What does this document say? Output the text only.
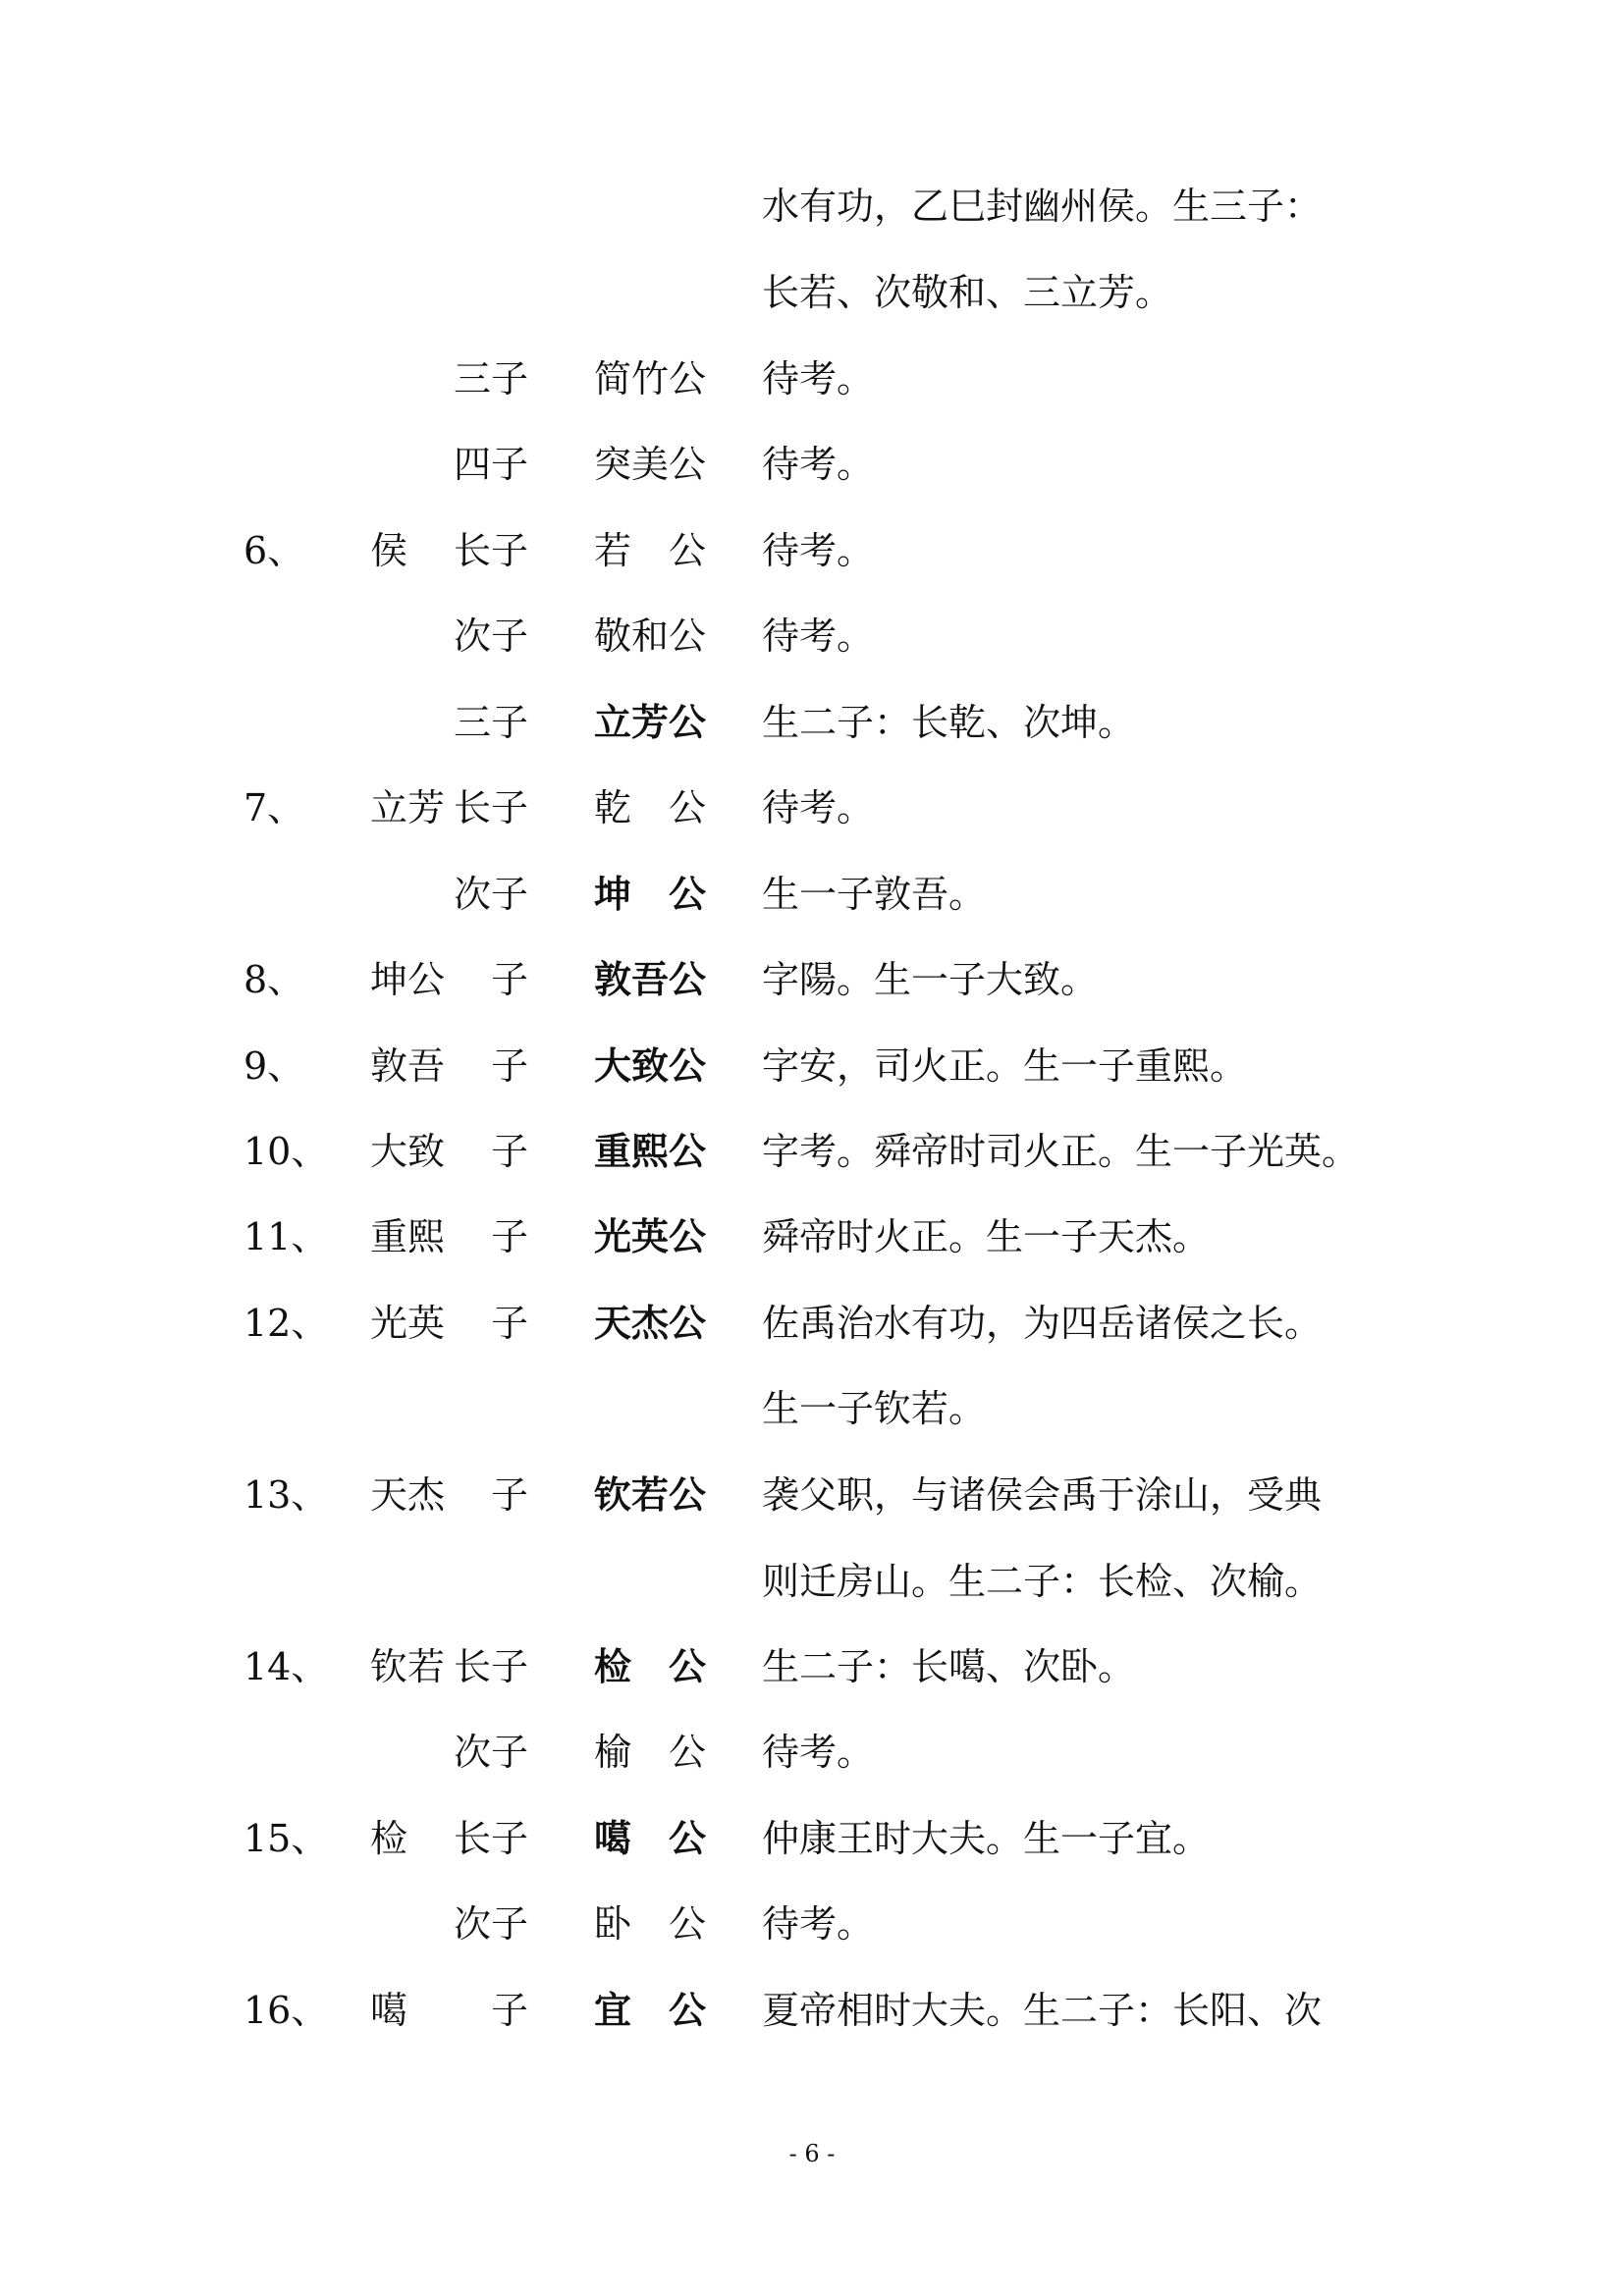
水有功，乙巳封幽州侯。生三子：
长若、次敬和、三立芳。
三子 简竹公 待考。
四子 突美公 待考。
6、 侯 长子 若　公 待考。
次子 敬和公 待考。
三子 立芳公 生二子：长乾、次坤。
7、 立芳 长子 乾　公 待考。
次子 坤　公 生一子敦吾。
8、 坤公 　子 敦吾公 字陽。生一子大致。
9、 敦吾 　子 大致公 字安，司火正。生一子重熙。
10、 大致 　子 重熙公 字考。舜帝时司火正。生一子光英。
11、 重熙 　子 光英公 舜帝时火正。生一子天杰。
12、 光英 　子 天杰公 佐禹治水有功，为四岳诸侯之长。
生一子钦若。
13、 天杰 　子 钦若公 袭父职，与诸侯会禹于涂山，受典
则迁房山。生二子：长检、次榆。
14、 钦若 长子 检　公 生二子：长噶、次卧。
次子 榆　公 待考。
15、 检 长子 噶　公 仲康王时大夫。生一子宜。
次子 卧　公 待考。
16、 噶 　子 宜　公 夏帝相时大夫。生二子：长阳、次
- 6 -
